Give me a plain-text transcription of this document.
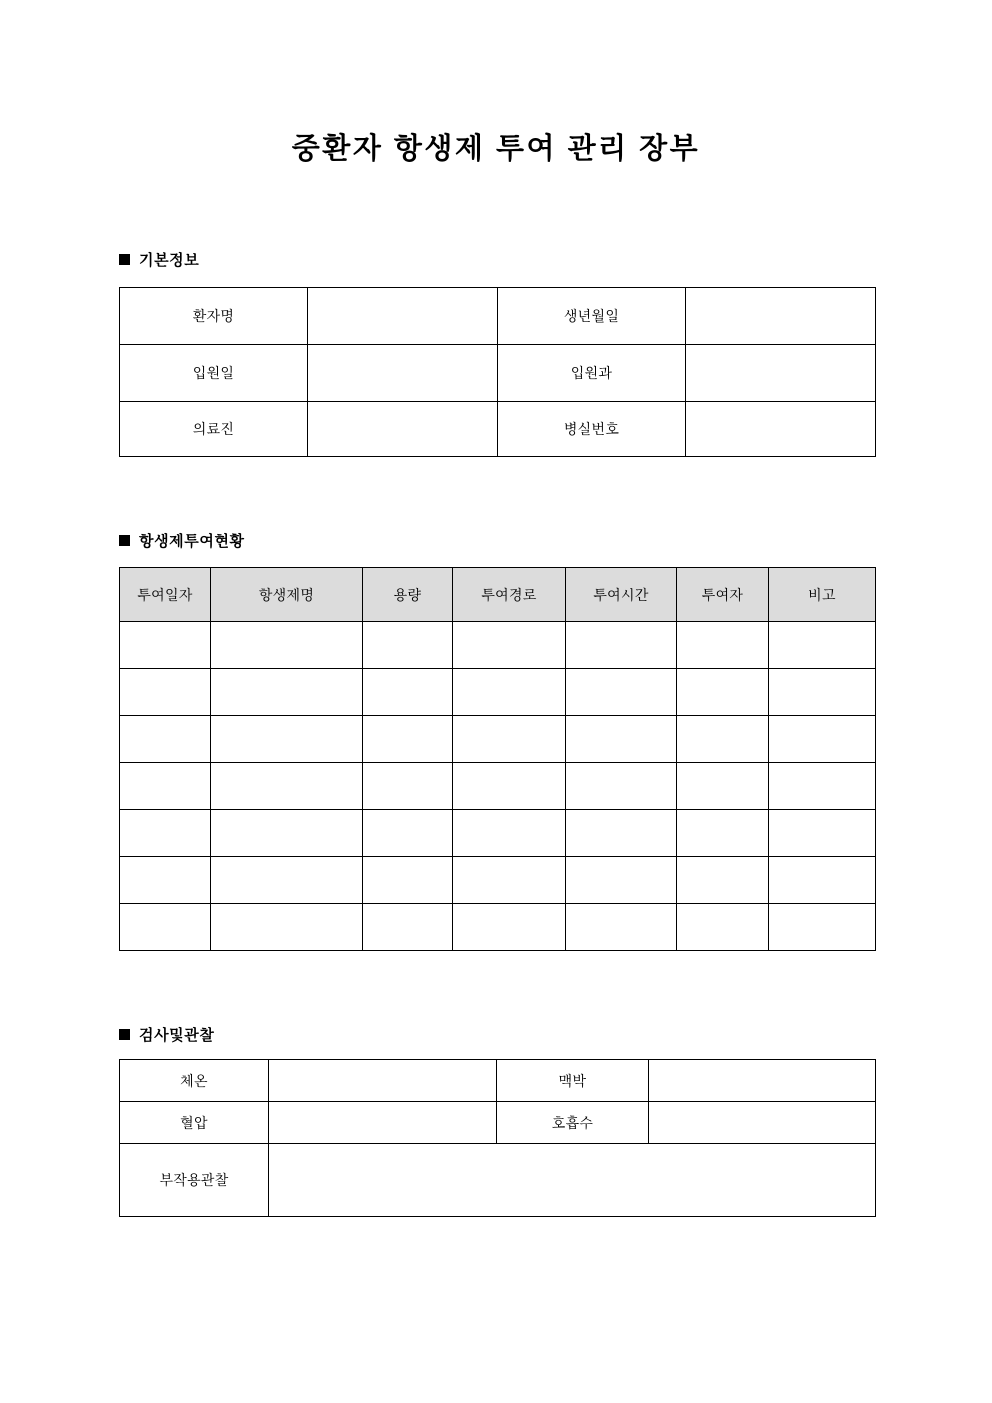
중환자 항생제 투여 관리 장부
기본정보
환자명		생년월일	
입원일		입원과	
의료진		병실번호	
항생제투여현황
투여일자	항생제명	용량	투여경로	투여시간	투여자	비고

검사및관찰
체온		맥박	
혈압		호흡수	
부작용관찰			
